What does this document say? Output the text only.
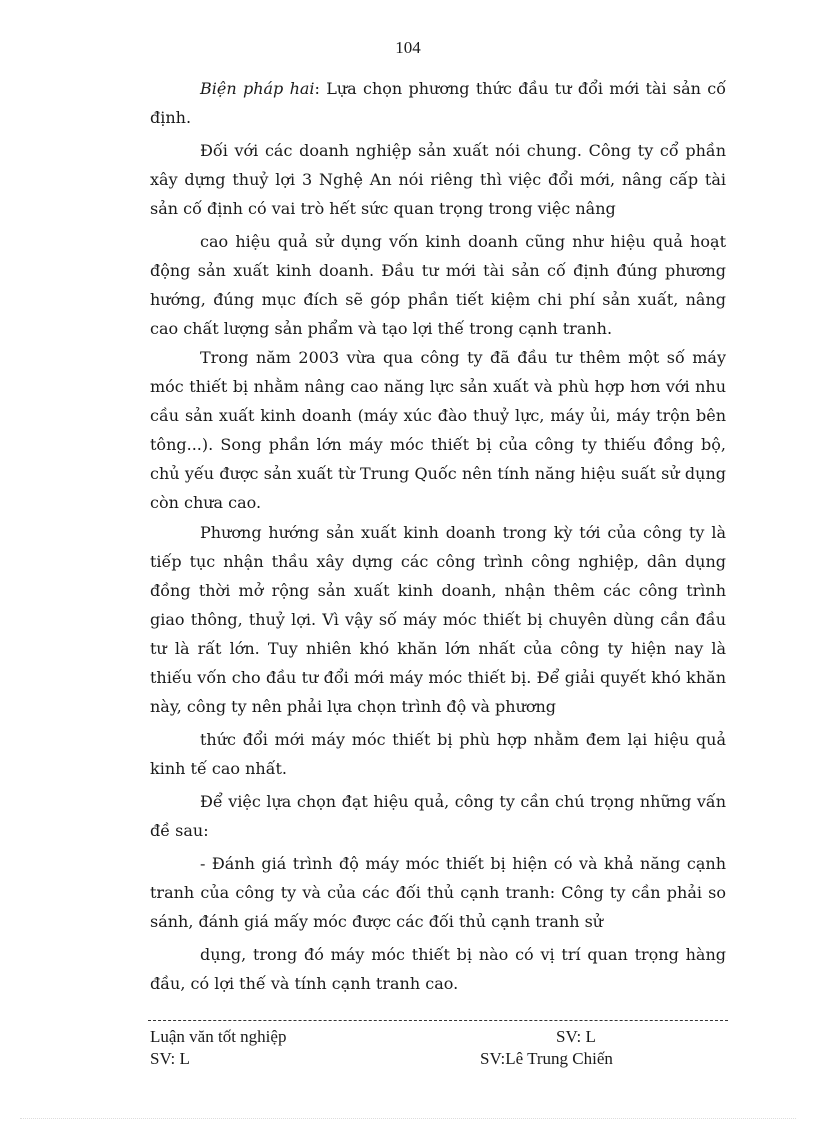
104

Biện pháp hai: Lựa chọn phương thức đầu tư đổi mới tài sản cố định.

Đối với các doanh nghiệp sản xuất nói chung. Công ty cổ phần xây dựng thuỷ lợi 3 Nghệ An nói riêng thì việc đổi mới, nâng cấp tài sản cố định có vai trò hết sức quan trọng trong việc nâng

cao hiệu quả sử dụng vốn kinh doanh cũng như hiệu quả hoạt động sản xuất kinh doanh. Đầu tư mới tài sản cố định đúng phương hướng, đúng mục đích sẽ góp phần tiết kiệm chi phí sản xuất, nâng cao chất lượng sản phẩm và tạo lợi thế trong cạnh tranh.

Trong năm 2003 vừa qua công ty đã đầu tư thêm một số máy móc thiết bị nhằm nâng cao năng lực sản xuất và phù hợp hơn với nhu cầu sản xuất kinh doanh (máy xúc đào thuỷ lực, máy ủi, máy trộn bên tông...). Song phần lớn máy móc thiết bị của công ty thiếu đồng bộ, chủ yếu được sản xuất từ Trung Quốc nên tính năng hiệu suất sử dụng còn chưa cao.

Phương hướng sản xuất kinh doanh trong kỳ tới của công ty là tiếp tục nhận thầu xây dựng các công trình công nghiệp, dân dụng đồng thời mở rộng sản xuất kinh doanh, nhận thêm các công trình giao thông, thuỷ lợi. Vì vậy số máy móc thiết bị chuyên dùng cần đầu tư là rất lớn. Tuy nhiên khó khăn lớn nhất của công ty hiện nay là thiếu vốn cho đầu tư đổi mới máy móc thiết bị. Để giải quyết khó khăn này, công ty nên phải lựa chọn trình độ và phương

thức đổi mới máy móc thiết bị phù hợp nhằm đem lại hiệu quả kinh tế cao nhất.

Để việc lựa chọn đạt hiệu quả, công ty cần chú trọng những vấn đề sau:

- Đánh giá trình độ máy móc thiết bị hiện có và khả năng cạnh tranh của công ty và của các đối thủ cạnh tranh: Công ty cần phải so sánh, đánh giá mấy móc được các đối thủ cạnh tranh sử

dụng, trong đó máy móc thiết bị nào có vị trí quan trọng hàng đầu, có lợi thế và tính cạnh tranh cao.

Luận văn tốt nghiệp	SV: L
SV: L	SV:Lê Trung Chiến
